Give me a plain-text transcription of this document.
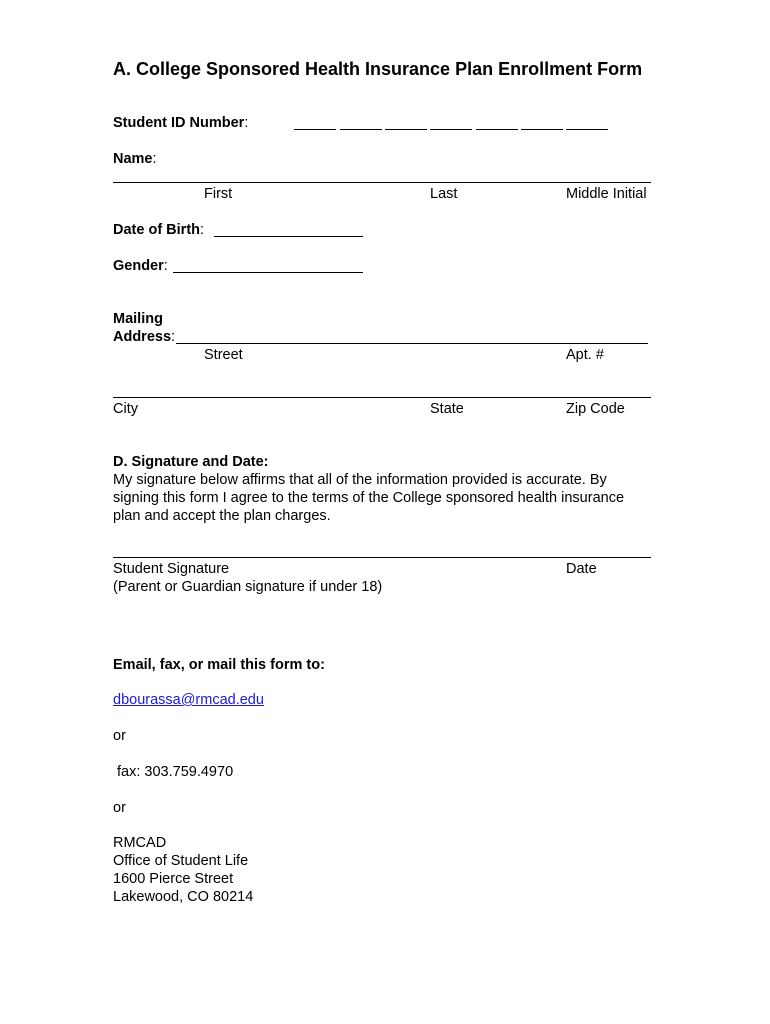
A. College Sponsored Health Insurance Plan Enrollment Form
Student ID Number:
Name:
First	Last	Middle Initial
Date of Birth:
Gender:
Mailing
Address:
Street	Apt. #
City	State	Zip Code
D. Signature and Date:
My signature below affirms that all of the information provided is accurate. By
signing this form I agree to the terms of the College sponsored health insurance
plan and accept the plan charges.
Student Signature	Date
(Parent or Guardian signature if under 18)
Email, fax, or mail this form to:
dbourassa@rmcad.edu
or
fax: 303.759.4970
or
RMCAD
Office of Student Life
1600 Pierce Street
Lakewood, CO 80214
